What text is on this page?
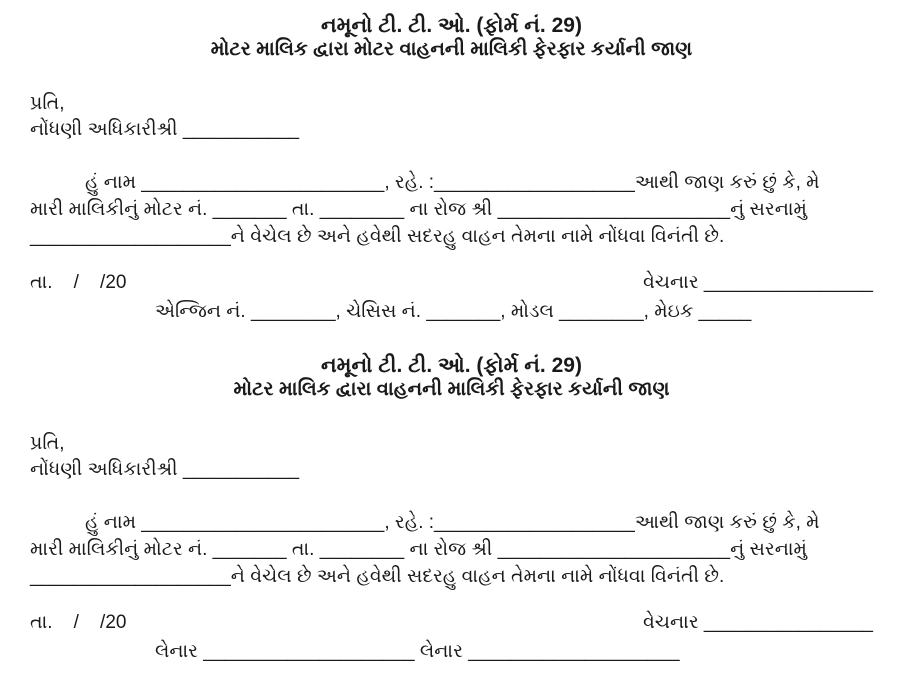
નમૂનો ટી. ટી. ઓ. (ફોર્મ નં. 29)
મોટર માલિક દ્વારા મોટર વાહનની માલિકી ફેરફાર કર્યાની જાણ
પ્રતિ,
નોંધણી અધિકારીશ્રી ___________
હું નામ _______________________, રહે. :___________________આથી જાણ કરું છું કે, મે
મારી માલિકીનું મોટર નં. _______ તા. ________ ના રોજ શ્રી ______________________નું સરનામું
___________________ને વેચેલ છે અને હવેથી સદરહુ વાહન તેમના નામે નોંધવા વિનંતી છે.
તા.    /    /20	વેચનાર ________________
એન્જિન નં. ________, ચેસિસ નં. _______, મોડલ ________, મેઇક _____
નમૂનો ટી. ટી. ઓ. (ફોર્મ નં. 29)
મોટર માલિક દ્વારા વાહનની માલિકી ફેરફાર કર્યાની જાણ
પ્રતિ,
નોંધણી અધિકારીશ્રી ___________
હું નામ _______________________, રહે. :___________________આથી જાણ કરું છું કે, મે
મારી માલિકીનું મોટર નં. _______ તા. ________ ના રોજ શ્રી ______________________નું સરનામું
___________________ને વેચેલ છે અને હવેથી સદરહુ વાહન તેમના નામે નોંધવા વિનંતી છે.
તા.    /    /20	વેચનાર ________________
લેનાર ____________________ લેનાર ____________________
